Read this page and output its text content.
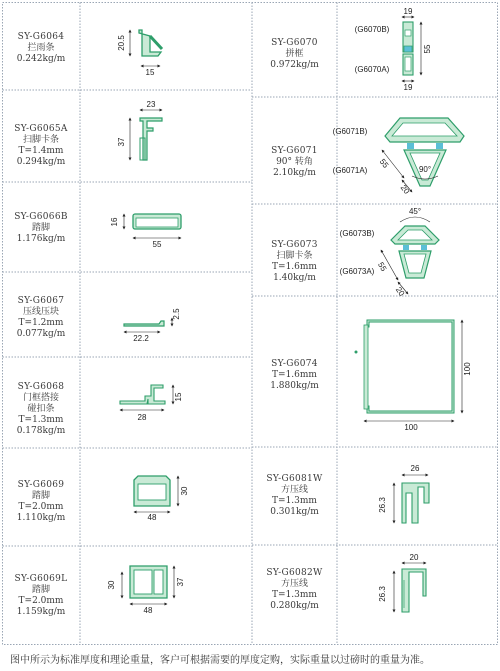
20.5
15
23
37
16
55
2.5
22.2
15
28
30
48
30	37
48
19
55
19
(G6070B)
(G6070A)
55
20
90°
(G6071B)
(G6071A)
45°
55
20
(G6073B)
(G6073A)
100
100
26
26.3
20
26.3
SY-G6064
拦雨条
0.242kg/m
SY-G6065A
扫脚卡条
T=1.4mm
0.294kg/m
SY-G6066B
踏脚
1.176kg/m
SY-G6067
压线压块
T=1.2mm
0.077kg/m
SY-G6068
门框搭接
碰扣条
T=1.3mm
0.178kg/m
SY-G6069
踏脚
T=2.0mm
1.110kg/m
SY-G6069L
踏脚
T=2.0mm
1.159kg/m
SY-G6070
拼框
0.972kg/m
SY-G6071
90° 转角
2.10kg/m
SY-G6073
扫脚卡条
T=1.6mm
1.40kg/m
SY-G6074
T=1.6mm
1.880kg/m
SY-G6081W
方压线
T=1.3mm
0.301kg/m
SY-G6082W
方压线
T=1.3mm
0.280kg/m
图中所示为标准厚度和理论重量，客户可根据需要的厚度定购，实际重量以过磅时的重量为准。
